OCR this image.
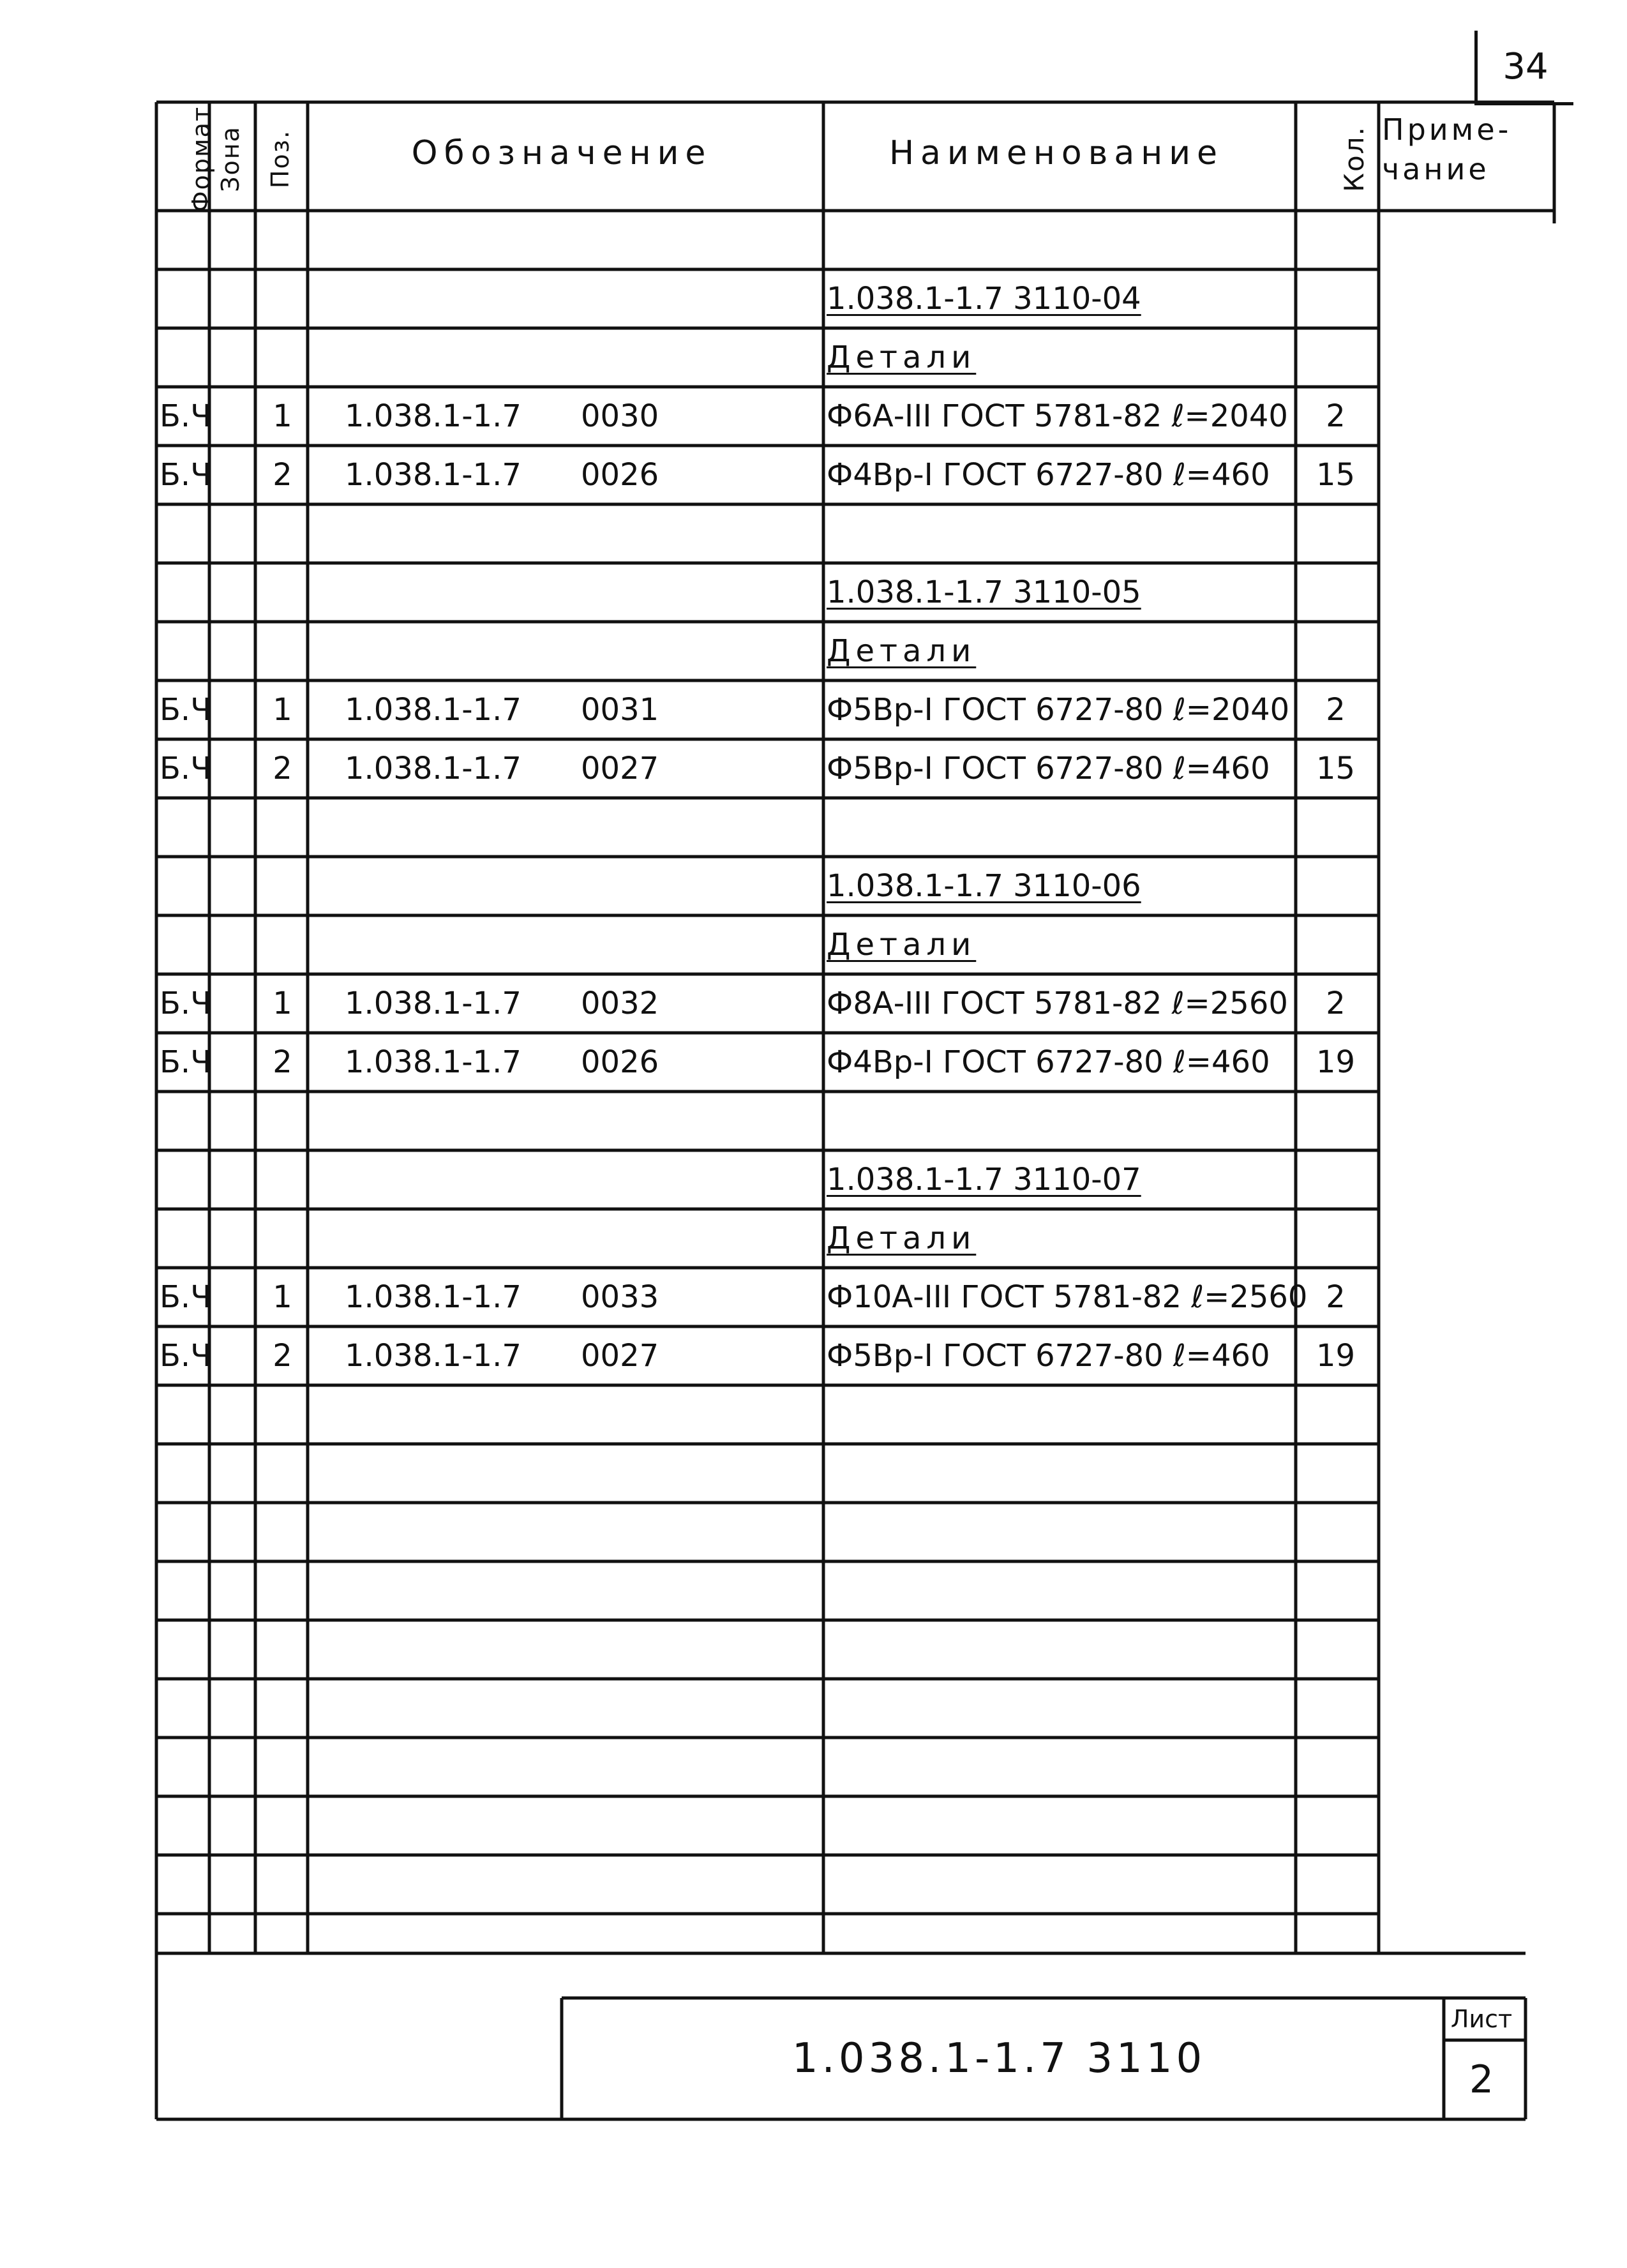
34
Формат Зона Поз.	Обозначение	Наименование	Кол. Приме-
чание
1.038.1-1.7 3110-04
Детали
Б.Ч	1	1.038.1-1.7	0030	Ф6А-III ГОСТ 5781-82 ℓ=2040	2
Б.Ч	2	1.038.1-1.7	0026	Ф4Вр-I ГОСТ 6727-80 ℓ=460	15
1.038.1-1.7 3110-05
Детали
Б.Ч	1	1.038.1-1.7	0031	Ф5Вр-I ГОСТ 6727-80 ℓ=2040	2
Б.Ч	2	1.038.1-1.7	0027	Ф5Вр-I ГОСТ 6727-80 ℓ=460	15
1.038.1-1.7 3110-06
Детали
Б.Ч	1	1.038.1-1.7	0032	Ф8А-III ГОСТ 5781-82 ℓ=2560	2
Б.Ч	2	1.038.1-1.7	0026	Ф4Вр-I ГОСТ 6727-80 ℓ=460	19
1.038.1-1.7 3110-07
Детали
Б.Ч	1	1.038.1-1.7	0033	Ф10А-III ГОСТ 5781-82 ℓ=2560 2
Б.Ч	2	1.038.1-1.7	0027	Ф5Вр-I ГОСТ 6727-80 ℓ=460	19
1.038.1-1.7 3110
Лист
2
